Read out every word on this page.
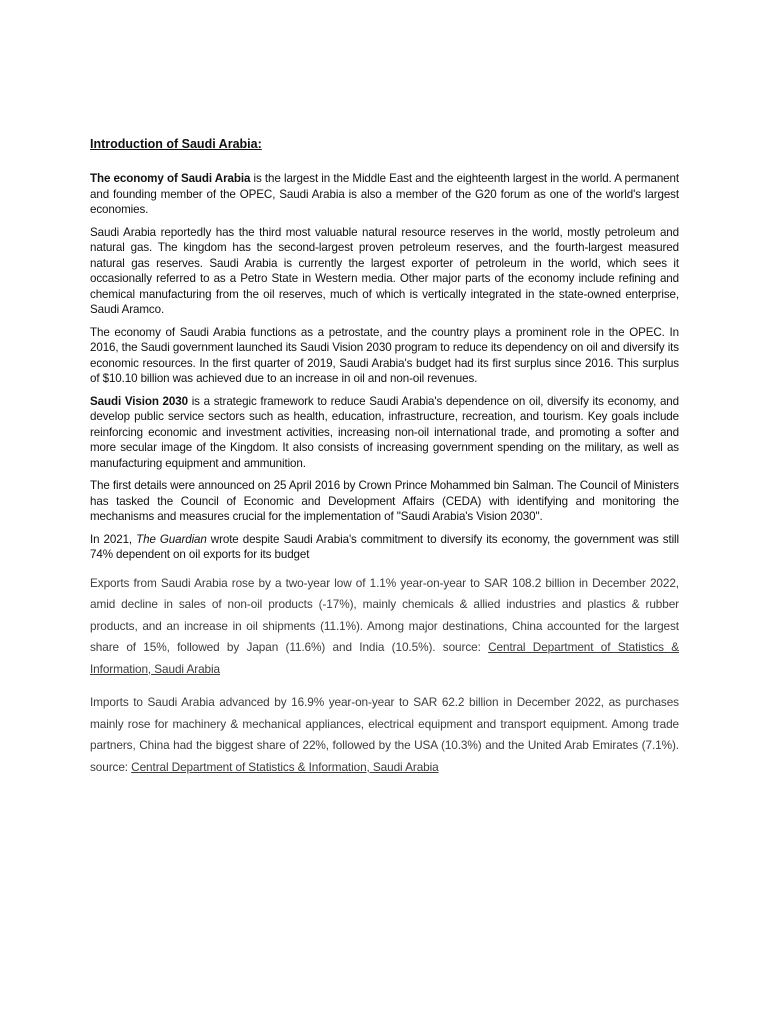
Introduction of Saudi Arabia:

The economy of Saudi Arabia is the largest in the Middle East and the eighteenth largest in the world. A permanent and founding member of the OPEC, Saudi Arabia is also a member of the G20 forum as one of the world's largest economies.

Saudi Arabia reportedly has the third most valuable natural resource reserves in the world, mostly petroleum and natural gas. The kingdom has the second-largest proven petroleum reserves, and the fourth-largest measured natural gas reserves. Saudi Arabia is currently the largest exporter of petroleum in the world, which sees it occasionally referred to as a Petro State in Western media. Other major parts of the economy include refining and chemical manufacturing from the oil reserves, much of which is vertically integrated in the state-owned enterprise, Saudi Aramco.

The economy of Saudi Arabia functions as a petrostate, and the country plays a prominent role in the OPEC. In 2016, the Saudi government launched its Saudi Vision 2030 program to reduce its dependency on oil and diversify its economic resources. In the first quarter of 2019, Saudi Arabia's budget had its first surplus since 2016. This surplus of $10.10 billion was achieved due to an increase in oil and non-oil revenues.

Saudi Vision 2030 is a strategic framework to reduce Saudi Arabia's dependence on oil, diversify its economy, and develop public service sectors such as health, education, infrastructure, recreation, and tourism. Key goals include reinforcing economic and investment activities, increasing non-oil international trade, and promoting a softer and more secular image of the Kingdom. It also consists of increasing government spending on the military, as well as manufacturing equipment and ammunition.

The first details were announced on 25 April 2016 by Crown Prince Mohammed bin Salman. The Council of Ministers has tasked the Council of Economic and Development Affairs (CEDA) with identifying and monitoring the mechanisms and measures crucial for the implementation of "Saudi Arabia's Vision 2030".

In 2021, The Guardian wrote despite Saudi Arabia's commitment to diversify its economy, the government was still 74% dependent on oil exports for its budget

Exports from Saudi Arabia rose by a two-year low of 1.1% year-on-year to SAR 108.2 billion in December 2022, amid decline in sales of non-oil products (-17%), mainly chemicals & allied industries and plastics & rubber products, and an increase in oil shipments (11.1%). Among major destinations, China accounted for the largest share of 15%, followed by Japan (11.6%) and India (10.5%). source: Central Department of Statistics & Information, Saudi Arabia

Imports to Saudi Arabia advanced by 16.9% year-on-year to SAR 62.2 billion in December 2022, as purchases mainly rose for machinery & mechanical appliances, electrical equipment and transport equipment. Among trade partners, China had the biggest share of 22%, followed by the USA (10.3%) and the United Arab Emirates (7.1%). source: Central Department of Statistics & Information, Saudi Arabia
